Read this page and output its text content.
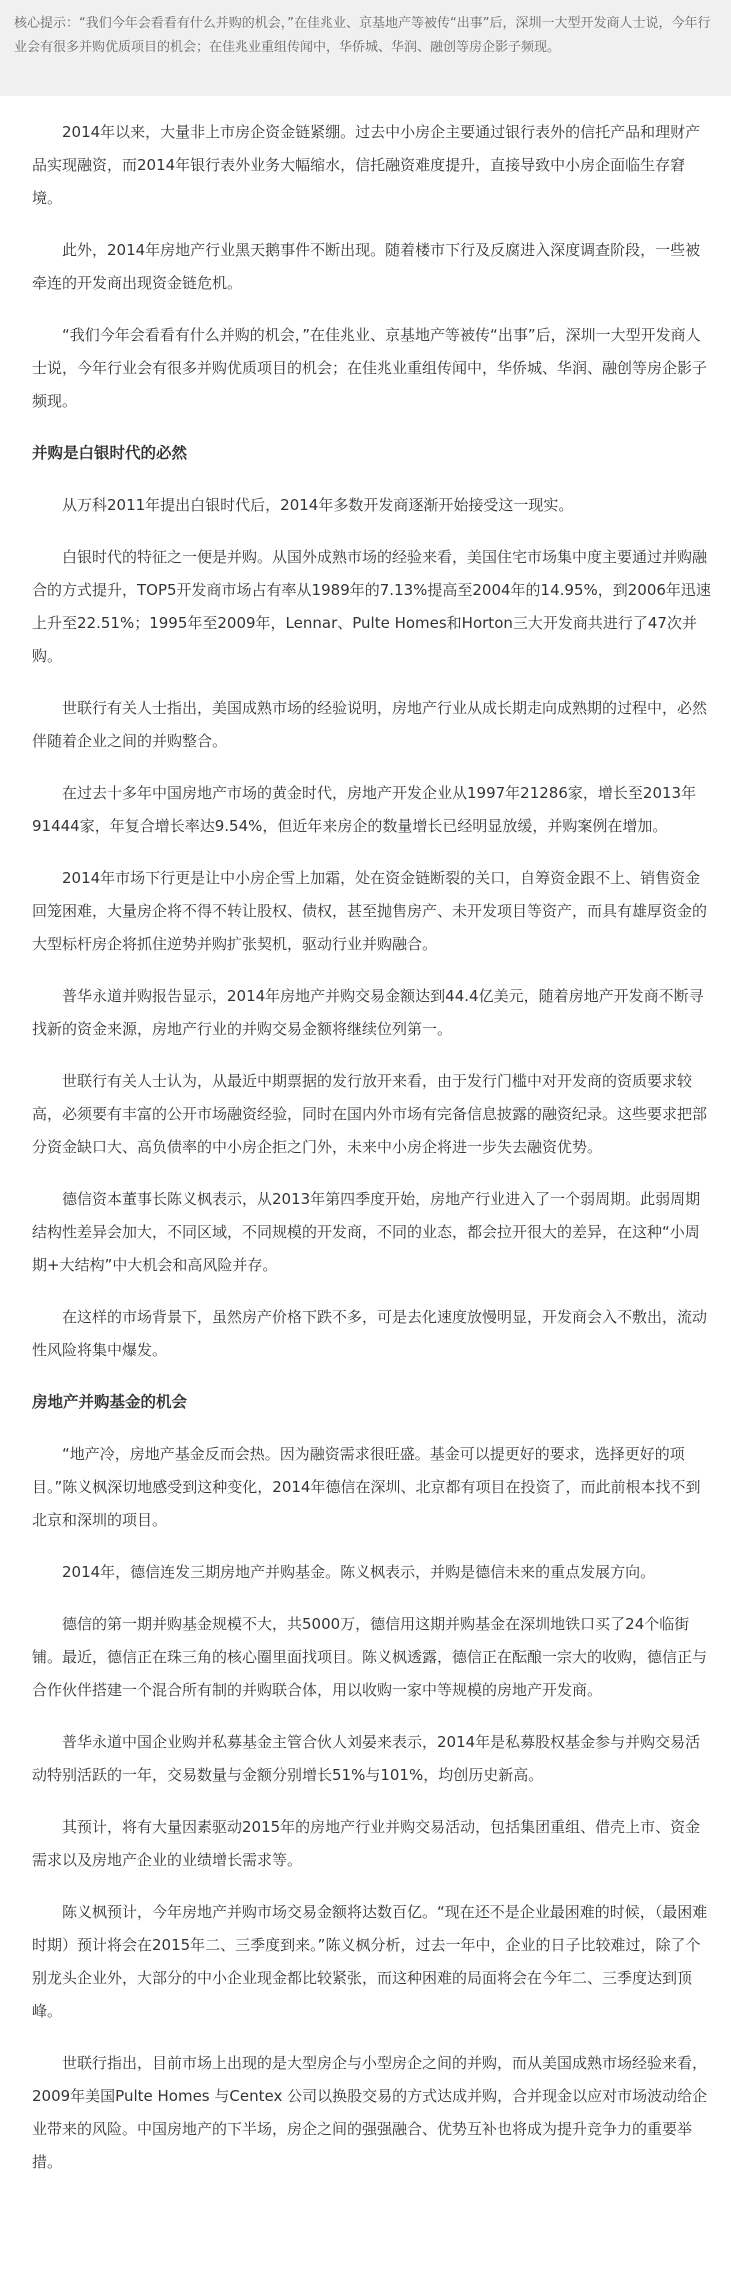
核心提示：“我们今年会看看有什么并购的机会，”在佳兆业、京基地产等被传“出事”后，深圳一大型开发商人士说，今年行业会有很多并购优质项目的机会；在佳兆业重组传闻中，华侨城、华润、融创等房企影子频现。

2014年以来，大量非上市房企资金链紧绷。过去中小房企主要通过银行表外的信托产品和理财产品实现融资，而2014年银行表外业务大幅缩水，信托融资难度提升，直接导致中小房企面临生存窘境。

此外，2014年房地产行业黑天鹅事件不断出现。随着楼市下行及反腐进入深度调查阶段，一些被牵连的开发商出现资金链危机。

“我们今年会看看有什么并购的机会，”在佳兆业、京基地产等被传“出事”后，深圳一大型开发商人士说，今年行业会有很多并购优质项目的机会；在佳兆业重组传闻中，华侨城、华润、融创等房企影子频现。

并购是白银时代的必然

从万科2011年提出白银时代后，2014年多数开发商逐渐开始接受这一现实。

白银时代的特征之一便是并购。从国外成熟市场的经验来看，美国住宅市场集中度主要通过并购融合的方式提升，TOP5开发商市场占有率从1989年的7.13%提高至2004年的14.95%，到2006年迅速上升至22.51%；1995年至2009年，Lennar、Pulte Homes和Horton三大开发商共进行了47次并购。

世联行有关人士指出，美国成熟市场的经验说明，房地产行业从成长期走向成熟期的过程中，必然伴随着企业之间的并购整合。

在过去十多年中国房地产市场的黄金时代，房地产开发企业从1997年21286家，增长至2013年91444家，年复合增长率达9.54%，但近年来房企的数量增长已经明显放缓，并购案例在增加。

2014年市场下行更是让中小房企雪上加霜，处在资金链断裂的关口，自筹资金跟不上、销售资金回笼困难，大量房企将不得不转让股权、债权，甚至抛售房产、未开发项目等资产，而具有雄厚资金的大型标杆房企将抓住逆势并购扩张契机，驱动行业并购融合。

普华永道并购报告显示，2014年房地产并购交易金额达到44.4亿美元，随着房地产开发商不断寻找新的资金来源，房地产行业的并购交易金额将继续位列第一。

世联行有关人士认为，从最近中期票据的发行放开来看，由于发行门槛中对开发商的资质要求较高，必须要有丰富的公开市场融资经验，同时在国内外市场有完备信息披露的融资纪录。这些要求把部分资金缺口大、高负债率的中小房企拒之门外，未来中小房企将进一步失去融资优势。

德信资本董事长陈义枫表示，从2013年第四季度开始，房地产行业进入了一个弱周期。此弱周期结构性差异会加大，不同区域，不同规模的开发商，不同的业态，都会拉开很大的差异，在这种“小周期+大结构”中大机会和高风险并存。

在这样的市场背景下，虽然房产价格下跌不多，可是去化速度放慢明显，开发商会入不敷出，流动性风险将集中爆发。

房地产并购基金的机会

“地产冷，房地产基金反而会热。因为融资需求很旺盛。基金可以提更好的要求，选择更好的项目。”陈义枫深切地感受到这种变化，2014年德信在深圳、北京都有项目在投资了，而此前根本找不到北京和深圳的项目。

2014年，德信连发三期房地产并购基金。陈义枫表示，并购是德信未来的重点发展方向。

德信的第一期并购基金规模不大，共5000万，德信用这期并购基金在深圳地铁口买了24个临街铺。最近，德信正在珠三角的核心圈里面找项目。陈义枫透露，德信正在酝酿一宗大的收购，德信正与合作伙伴搭建一个混合所有制的并购联合体，用以收购一家中等规模的房地产开发商。

普华永道中国企业购并私募基金主管合伙人刘晏来表示，2014年是私募股权基金参与并购交易活动特别活跃的一年，交易数量与金额分别增长51%与101%，均创历史新高。

其预计，将有大量因素驱动2015年的房地产行业并购交易活动，包括集团重组、借壳上市、资金需求以及房地产企业的业绩增长需求等。

陈义枫预计，今年房地产并购市场交易金额将达数百亿。“现在还不是企业最困难的时候，（最困难时期）预计将会在2015年二、三季度到来。”陈义枫分析，过去一年中，企业的日子比较难过，除了个别龙头企业外，大部分的中小企业现金都比较紧张，而这种困难的局面将会在今年二、三季度达到顶峰。

世联行指出，目前市场上出现的是大型房企与小型房企之间的并购，而从美国成熟市场经验来看，2009年美国Pulte Homes 与Centex 公司以换股交易的方式达成并购，合并现金以应对市场波动给企业带来的风险。中国房地产的下半场，房企之间的强强融合、优势互补也将成为提升竞争力的重要举措。
